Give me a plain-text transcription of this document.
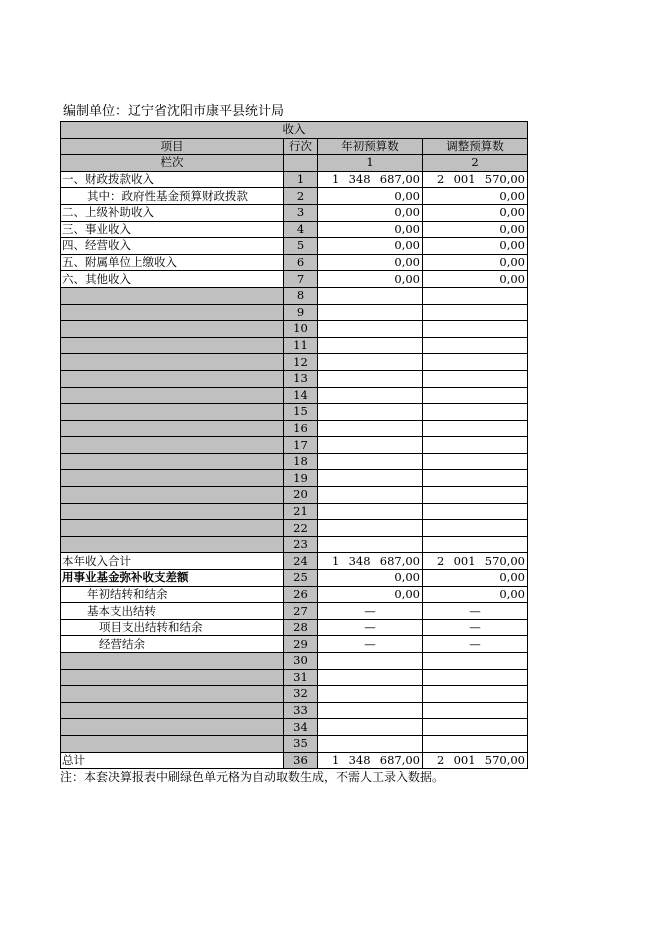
编制单位：辽宁省沈阳市康平县统计局
收入			
项目	行次	年初预算数	调整预算数
栏次		1	2
一、财政拨款收入	1	1 348 687,00	2 001 570,00

其中：政府性基金预算财政拨款	2	0,00	0,00
二、上级补助收入	3	0,00	0,00
三、事业收入	4	0,00	0,00
四、经营收入	5	0,00	0,00
五、附属单位上缴收入	6	0,00	0,00
六、其他收入	7	0,00	0,00
	8		
	9		
	10		
	11		
	12		
	13		
	14		
	15		
	16		
	17		
	18		
	19		
	20		
	21		
	22		
	23		
本年收入合计	24	1 348 687,00	2 001 570,00

用事业基金弥补收支差额	25	0,00	0,00
年初结转和结余	26	0,00	0,00
基本支出结转	27	—	—
项目支出结转和结余	28	—	—
经营结余	29	—	—
	30		
	31		
	32		
	33		
	34		
	35		
总计	36	1 348 687,00	2 001 570,00
注：本套决算报表中刷绿色单元格为自动取数生成，不需人工录入数据。
